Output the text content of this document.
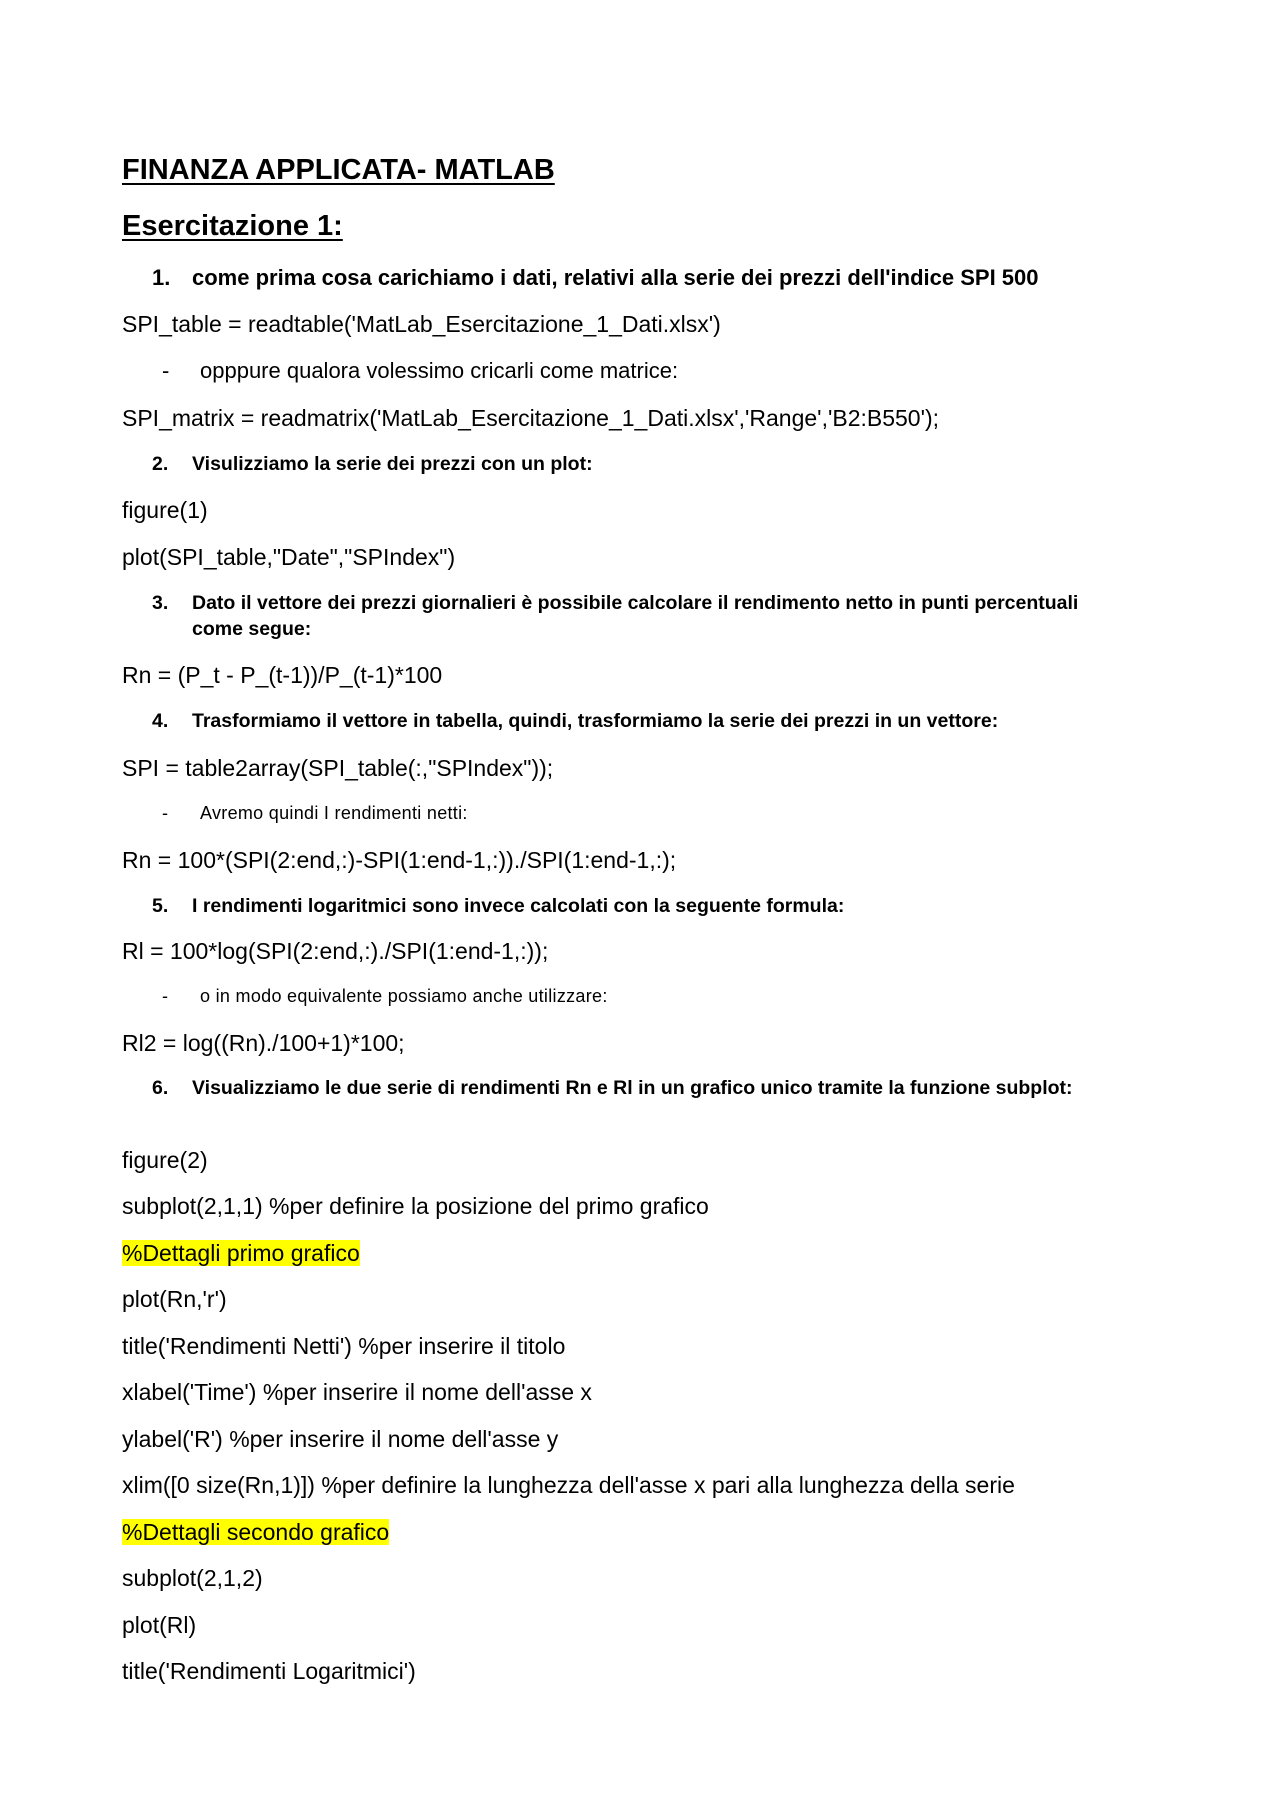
FINANZA APPLICATA- MATLAB
Esercitazione 1:
1. come prima cosa carichiamo i dati, relativi alla serie dei prezzi dell'indice SPI 500
SPI_table = readtable('MatLab_Esercitazione_1_Dati.xlsx')
- opppure qualora volessimo cricarli come matrice:
SPI_matrix = readmatrix('MatLab_Esercitazione_1_Dati.xlsx','Range','B2:B550');
2. Visulizziamo la serie dei prezzi con un plot:
figure(1)
plot(SPI_table,"Date","SPIndex")
3. Dato il vettore dei prezzi giornalieri è possibile calcolare il rendimento netto in punti percentuali come segue:
Rn = (P_t - P_(t-1))/P_(t-1)*100
4. Trasformiamo il vettore in tabella, quindi, trasformiamo la serie dei prezzi in un vettore:
SPI = table2array(SPI_table(:,"SPIndex"));
- Avremo quindi I rendimenti netti:
Rn = 100*(SPI(2:end,:)-SPI(1:end-1,:))./SPI(1:end-1,:);
5. I rendimenti logaritmici sono invece calcolati con la seguente formula:
Rl = 100*log(SPI(2:end,:)./SPI(1:end-1,:));
- o in modo equivalente possiamo anche utilizzare:
Rl2 = log((Rn)./100+1)*100;
6. Visualizziamo le due serie di rendimenti Rn e Rl in un grafico unico tramite la funzione subplot:
figure(2)
subplot(2,1,1) %per definire la posizione del primo grafico
%Dettagli primo grafico
plot(Rn,'r')
title('Rendimenti Netti') %per inserire il titolo
xlabel('Time') %per inserire il nome dell'asse x
ylabel('R') %per inserire il nome dell'asse y
xlim([0 size(Rn,1)]) %per definire la lunghezza dell'asse x pari alla lunghezza della serie
%Dettagli secondo grafico
subplot(2,1,2)
plot(Rl)
title('Rendimenti Logaritmici')
